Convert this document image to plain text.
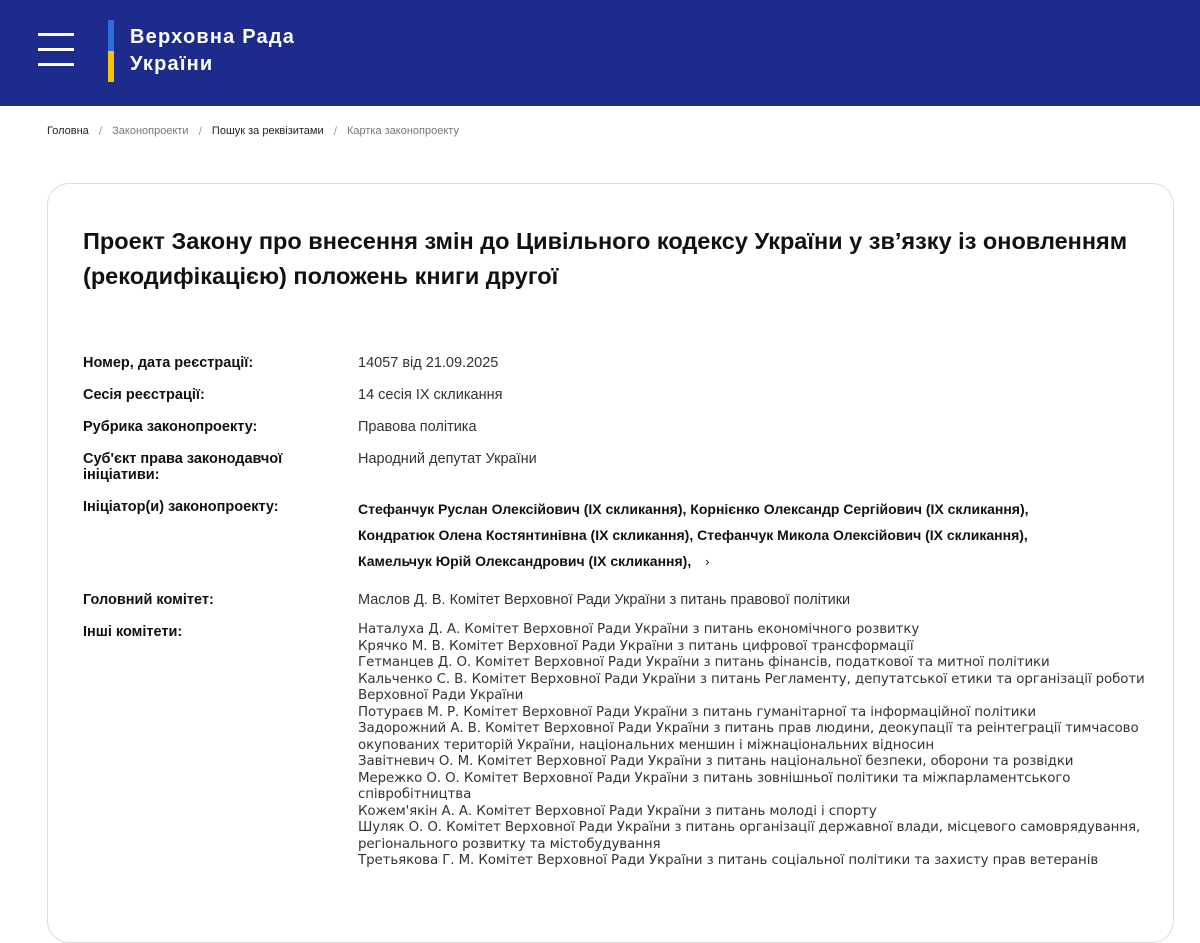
Верховна Рада
України
Головна / Законопроекти / Пошук за реквізитами / Картка законопроекту
Проект Закону про внесення змін до Цивільного кодексу України у зв’язку із оновленням (рекодифікацією) положень книги другої
Номер, дата реєстрації:	14057 від 21.09.2025
Сесія реєстрації:	14 сесія IX скликання
Рубрика законопроекту:	Правова політика
Суб'єкт права законодавчої ініціативи:
Народний депутат України
Ініціатор(и) законопроекту:	Стефанчук Руслан Олексійович (IX скликання), Корнієнко Олександр Сергійович (IX скликання),
Кондратюк Олена Костянтинівна (IX скликання), Стефанчук Микола Олексійович (IX скликання),
Камельчук Юрій Олександрович (IX скликання), ›
Головний комітет:	Маслов Д. В. Комітет Верховної Ради України з питань правової політики
Інші комітети:	Наталуха Д. А. Комітет Верховної Ради України з питань економічного розвитку
Крячко М. В. Комітет Верховної Ради України з питань цифрової трансформації
Гетманцев Д. О. Комітет Верховної Ради України з питань фінансів, податкової та митної політики
Кальченко С. В. Комітет Верховної Ради України з питань Регламенту, депутатської етики та організації роботи Верховної Ради України
Потураєв М. Р. Комітет Верховної Ради України з питань гуманітарної та інформаційної політики
Задорожний А. В. Комітет Верховної Ради України з питань прав людини, деокупації та реінтеграції тимчасово окупованих територій України, національних меншин і міжнаціональних відносин
Завітневич О. М. Комітет Верховної Ради України з питань національної безпеки, оборони та розвідки
Мережко О. О. Комітет Верховної Ради України з питань зовнішньої політики та міжпарламентського співробітництва
Кожем'якін А. А. Комітет Верховної Ради України з питань молоді і спорту
Шуляк О. О. Комітет Верховної Ради України з питань організації державної влади, місцевого самоврядування, регіонального розвитку та містобудування
Третьякова Г. М. Комітет Верховної Ради України з питань соціальної політики та захисту прав ветеранів
